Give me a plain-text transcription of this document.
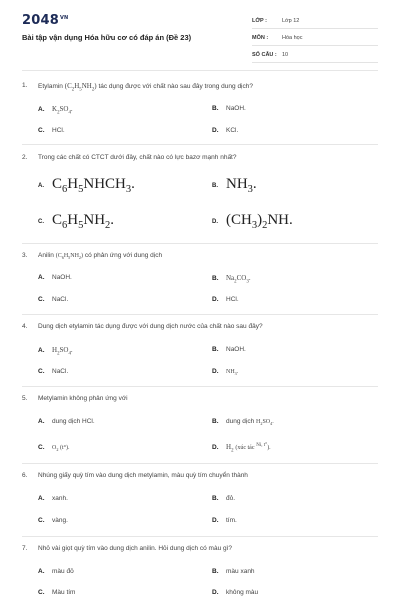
$2048^{VN}$
Bài tập vận dụng Hóa hữu cơ có đáp án (Đề 23)
LỚP :	Lớp 12
MÔN :	Hóa học
SỐ CÂU : 10
1. Etylamin $(C_2H_5NH_2)$ tác dụng được với chất nào sau đây trong dung dịch?
A. $K_2SO_4$.	B. NaOH.
C. HCl.	D. KCl.
2. Trong các chất có CTCT dưới đây, chất nào có lực bazơ mạnh nhất?
A. $C_6H_5NHCH_3$.	B. $NH_3$.
C. $C_6H_5NH_2$.	D. $(CH_3)_2NH$.
3. Anilin $(C_6H_5NH_2)$ có phản ứng với dung dịch
A. NaOH.	B. $Na_2CO_3$.
C. NaCl.	D. HCl.
4. Dung dịch etylamin tác dụng được với dung dịch nước của chất nào sau đây?
A. $H_2SO_4$.	B. NaOH.
C. NaCl.	D. $NH_3$.
5. Metylamin không phản ứng với
A. dung dịch HCl.	B. dung dịch $H_2SO_4$.
C. $O_2$ (t°).	D. $H_2$ (xúc tác $^{Ni, t^\circ}$).
6. Nhúng giấy quỳ tím vào dung dịch metylamin, màu quỳ tím chuyển thành
A. xanh.	B. đỏ.
C. vàng.	D. tím.
7. Nhỏ vài giọt quỳ tím vào dung dịch anilin. Hỏi dung dịch có màu gì?
A. màu đỏ	B. màu xanh
C. Màu tím	D. không màu
